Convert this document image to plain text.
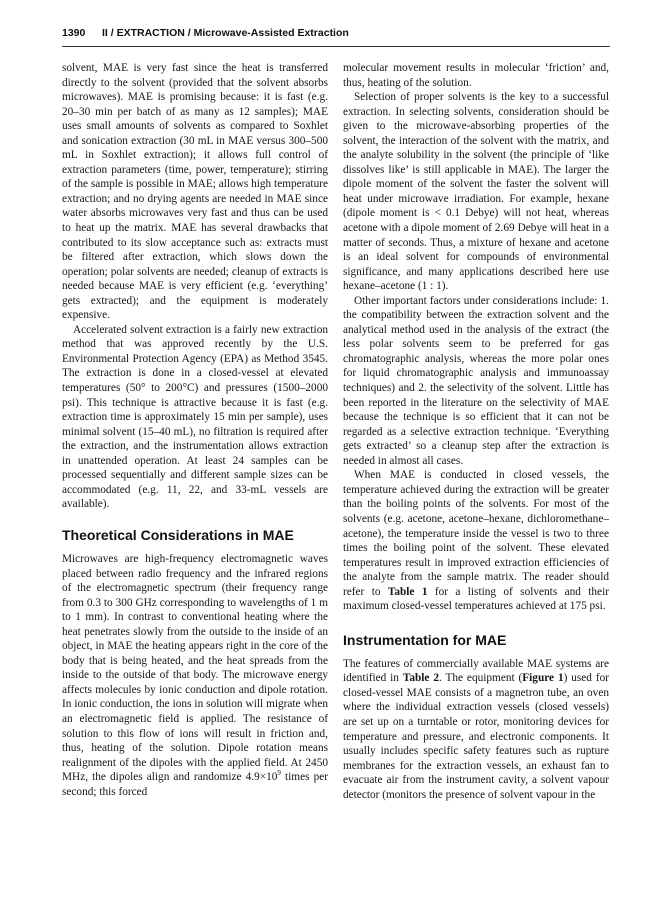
1390 II / EXTRACTION / Microwave-Assisted Extraction

solvent, MAE is very fast since the heat is transferred directly to the solvent (provided that the solvent absorbs microwaves). MAE is promising because: it is fast (e.g. 20–30 min per batch of as many as 12 samples); MAE uses small amounts of solvents as compared to Soxhlet and sonication extraction (30 mL in MAE versus 300–500 mL in Soxhlet extraction); it allows full control of extraction parameters (time, power, temperature); stirring of the sample is possible in MAE; allows high temperature extraction; and no drying agents are needed in MAE since water absorbs microwaves very fast and thus can be used to heat up the matrix. MAE has several drawbacks that contributed to its slow acceptance such as: extracts must be filtered after extraction, which slows down the operation; polar solvents are needed; cleanup of extracts is needed because MAE is very efficient (e.g. ‘everything’ gets extracted); and the equipment is moderately expensive.

Accelerated solvent extraction is a fairly new extraction method that was approved recently by the U.S. Environmental Protection Agency (EPA) as Method 3545. The extraction is done in a closed-vessel at elevated temperatures (50° to 200°C) and pressures (1500–2000 psi). This technique is attractive because it is fast (e.g. extraction time is approximately 15 min per sample), uses minimal solvent (15–40 mL), no filtration is required after the extraction, and the instrumentation allows extraction in unattended operation. At least 24 samples can be processed sequentially and different sample sizes can be accommodated (e.g. 11, 22, and 33-mL vessels are available).

Theoretical Considerations in MAE

Microwaves are high-frequency electromagnetic waves placed between radio frequency and the infrared regions of the electromagnetic spectrum (their frequency range from 0.3 to 300 GHz corresponding to wavelengths of 1 m to 1 mm). In contrast to conventional heating where the heat penetrates slowly from the outside to the inside of an object, in MAE the heating appears right in the core of the body that is being heated, and the heat spreads from the inside to the outside of that body. The microwave energy affects molecules by ionic conduction and dipole rotation. In ionic conduction, the ions in solution will migrate when an electromagnetic field is applied. The resistance of solution to this flow of ions will result in friction and, thus, heating of the solution. Dipole rotation means realignment of the dipoles with the applied field. At 2450 MHz, the dipoles align and randomize $4.9\times 10^9$ times per second; this forced

molecular movement results in molecular ‘friction’ and, thus, heating of the solution.

Selection of proper solvents is the key to a successful extraction. In selecting solvents, consideration should be given to the microwave-absorbing properties of the solvent, the interaction of the solvent with the matrix, and the analyte solubility in the solvent (the principle of ‘like dissolves like’ is still applicable in MAE). The larger the dipole moment of the solvent the faster the solvent will heat under microwave irradiation. For example, hexane (dipole moment is < 0.1 Debye) will not heat, whereas acetone with a dipole moment of 2.69 Debye will heat in a matter of seconds. Thus, a mixture of hexane and acetone is an ideal solvent for compounds of environmental significance, and many applications described here use hexane–acetone (1 : 1).

Other important factors under considerations include: 1. the compatibility between the extraction solvent and the analytical method used in the analysis of the extract (the less polar solvents seem to be preferred for gas chromatographic analysis, whereas the more polar ones for liquid chromatographic analysis and immunoassay techniques) and 2. the selectivity of the solvent. Little has been reported in the literature on the selectivity of MAE because the technique is so efficient that it can not be regarded as a selective extraction technique. ‘Everything gets extracted’ so a cleanup step after the extraction is needed in almost all cases.

When MAE is conducted in closed vessels, the temperature achieved during the extraction will be greater than the boiling points of the solvents. For most of the solvents (e.g. acetone, acetone–hexane, dichloromethane–acetone), the temperature inside the vessel is two to three times the boiling point of the solvent. These elevated temperatures result in improved extraction efficiencies of the analyte from the sample matrix. The reader should refer to Table 1 for a listing of solvents and their maximum closed-vessel temperatures achieved at 175 psi.

Instrumentation for MAE

The features of commercially available MAE systems are identified in Table 2. The equipment (Figure 1) used for closed-vessel MAE consists of a magnetron tube, an oven where the individual extraction vessels (closed vessels) are set up on a turntable or rotor, monitoring devices for temperature and pressure, and electronic components. It usually includes specific safety features such as rupture membranes for the extraction vessels, an exhaust fan to evacuate air from the instrument cavity, a solvent vapour detector (monitors the presence of solvent vapour in the
